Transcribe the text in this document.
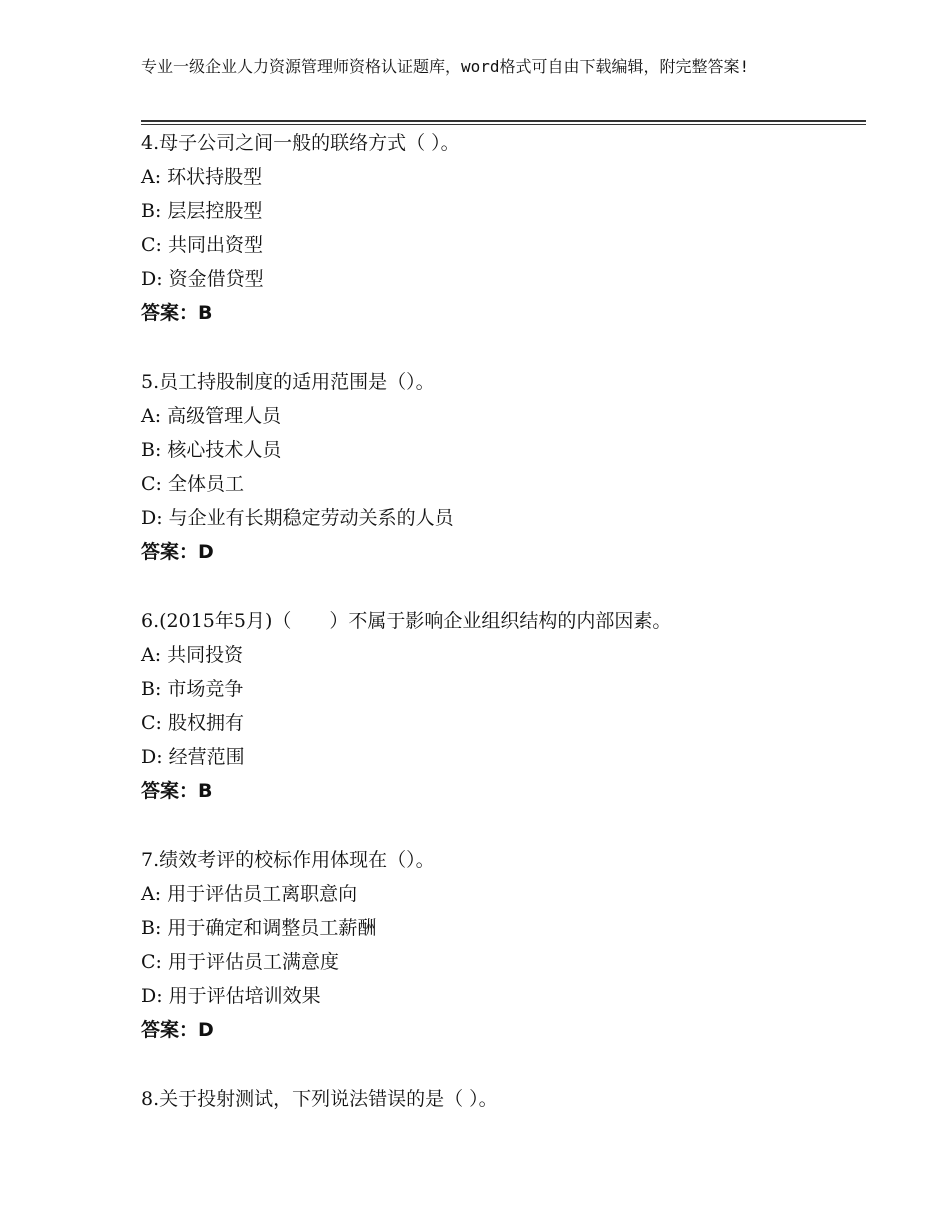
专业一级企业人力资源管理师资格认证题库，word格式可自由下载编辑，附完整答案!
4.母子公司之间一般的联络方式（ ）。
A: 环状持股型
B: 层层控股型
C: 共同出资型
D: 资金借贷型
答案：B
5.员工持股制度的适用范围是（）。
A: 高级管理人员
B: 核心技术人员
C: 全体员工
D: 与企业有长期稳定劳动关系的人员
答案：D
6.(2015年5月)（　　）不属于影响企业组织结构的内部因素。
A: 共同投资
B: 市场竞争
C: 股权拥有
D: 经营范围
答案：B
7.绩效考评的校标作用体现在（）。
A: 用于评估员工离职意向
B: 用于确定和调整员工薪酬
C: 用于评估员工满意度
D: 用于评估培训效果
答案：D
8.关于投射测试，下列说法错误的是（ ）。
